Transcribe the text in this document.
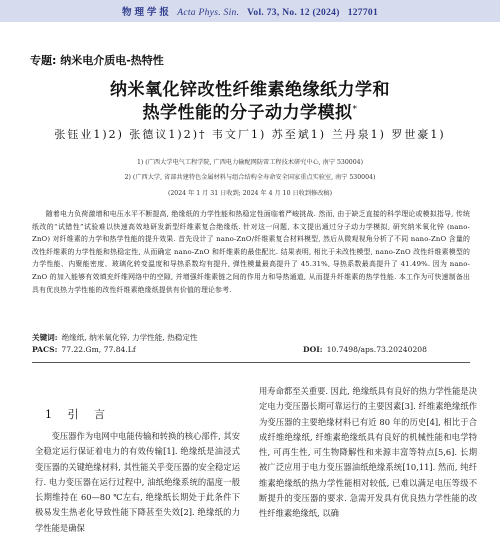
物 理 学 报 Acta Phys. Sin. Vol. 73, No. 12 (2024) 127701
专题: 纳米电介质电-热特性
纳米氧化锌改性纤维素绝缘纸力学和
热学性能的分子动力学模拟*
张钰业1)2) 张德议1)2)† 韦文厂1) 苏至斌1) 兰丹泉1) 罗世豪1)
1) (广西大学电气工程学院, 广西电力输配网防雷工程技术研究中心, 南宁 530004)
2) (广西大学, 省部共建特色金属材料与组合结构全寿命安全国家重点实验室, 南宁 530004)
(2024 年 1 月 31 日收到; 2024 年 4 月 10 日收到修改稿)
随着电力负荷激增和电压水平不断提高, 绝缘纸的力学性能和热稳定性面临着严峻挑战. 然而, 由于缺乏直接的科学理论或模拟指导, 传统纸改的“试错性”试验难以快速高效地研发新型纤维素复合绝缘纸. 针对这一问题, 本文提出通过分子动力学模拟, 研究纳米氧化锌 (nano-ZnO) 对纤维素的力学和热学性能的提升效果. 首先设计了 nano-ZnO/纤维素复合材料模型, 然后从微观视角分析了不同 nano-ZnO 含量的改性纤维素的力学性能和热稳定性, 从而确定 nano-ZnO 和纤维素的最佳配比. 结果表明, 相比于未改性模型, nano-ZnO 改性纤维素模型的力学性能、内聚能密度、玻璃化转变温度和导热系数均有提升, 弹性模量最高提升了 45.31%, 导热系数最高提升了 41.49%. 因为 nano-ZnO 的加入能够有效填充纤维网络中的空隙, 并增强纤维素链之间的作用力和导热通道, 从而提升纤维素的热学性能. 本工作为可快速制备出具有优良热力学性能的改性纤维素绝缘纸提供有价值的理论参考.
关键词: 绝缘纸, 纳米氧化锌, 力学性能, 热稳定性
PACS: 77.22.Gm, 77.84.Lf	DOI: 10.7498/aps.73.20240208
1 引 言
变压器作为电网中电能传输和转换的核心部件, 其安全稳定运行保证着电力的有效传输[1]. 绝缘纸是油浸式变压器的关键绝缘材料, 其性能关乎变压器的安全稳定运行. 电力变压器在运行过程中, 油纸绝缘系统的温度一般长期维持在 60—80 ℃左右, 绝缘纸长期处于此条件下极易发生热老化导致性能下降甚至失效[2]. 绝缘纸的力学性能是确保
用寿命都至关重要. 因此, 绝缘纸具有良好的热力学性能是决定电力变压器长期可靠运行的主要因素[3]. 纤维素绝缘纸作为变压器的主要绝缘材料已有近 80 年的历史[4], 相比于合成纤维绝缘纸, 纤维素绝缘纸具有良好的机械性能和电学特性, 可再生性, 可生物降解性和来源丰富等特点[5,6]. 长期被广泛应用于电力变压器油纸绝缘系统[10,11]. 然而, 纯纤维素绝缘纸的热力学性能相对较低, 已难以满足电压等级不断提升的变压器的要求. 急需开发具有优良热力学性能的改性纤维素绝缘纸, 以确
